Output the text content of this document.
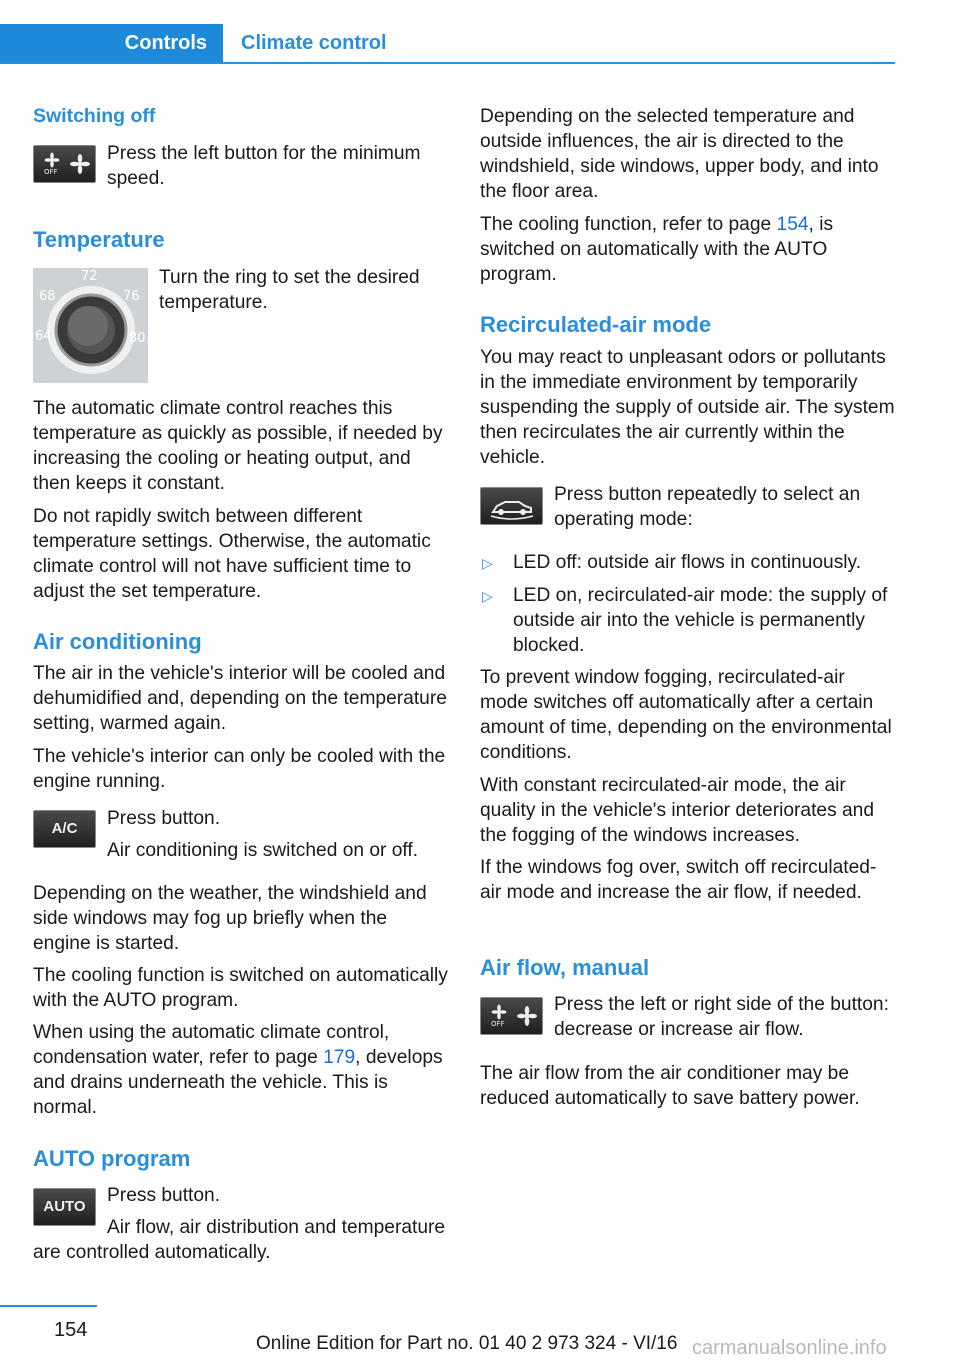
Controls	Climate control
Switching off
OFF

Press the left button for the minimum speed.

Temperature
72
68	76
64	80

Turn the ring to set the desired temperature.

The automatic climate control reaches this temperature as quickly as possible, if needed by increasing the cooling or heating output, and then keeps it constant.

Do not rapidly switch between different temperature settings. Otherwise, the automatic climate control will not have sufficient time to adjust the set temperature.

Air conditioning

The air in the vehicle's interior will be cooled and dehumidified and, depending on the temperature setting, warmed again.

The vehicle's interior can only be cooled with the engine running.

A/C	Press button.

Air conditioning is switched on or off.

Depending on the weather, the windshield and side windows may fog up briefly when the engine is started.

The cooling function is switched on automatically with the AUTO program.

When using the automatic climate control, condensation water, refer to page 179, develops and drains underneath the vehicle. This is normal.

AUTO program
AUTO

Press button.

Air flow, air distribution and temperature are controlled automatically.

Depending on the selected temperature and outside influences, the air is directed to the windshield, side windows, upper body, and into the floor area.

The cooling function, refer to page 154, is switched on automatically with the AUTO program.

Recirculated-air mode

You may react to unpleasant odors or pollutants in the immediate environment by temporarily suspending the supply of outside air. The system then recirculates the air currently within the vehicle.

Press button repeatedly to select an operating mode:

▷ LED off: outside air flows in continuously.

▷ LED on, recirculated-air mode: the supply of outside air into the vehicle is permanently blocked.

To prevent window fogging, recirculated-air mode switches off automatically after a certain amount of time, depending on the environmental conditions.

With constant recirculated-air mode, the air quality in the vehicle's interior deteriorates and the fogging of the windows increases.

If the windows fog over, switch off recirculated-air mode and increase the air flow, if needed.

Air flow, manual
OFF

Press the left or right side of the button: decrease or increase air flow.

The air flow from the air conditioner may be reduced automatically to save battery power.

154
Online Edition for Part no. 01 40 2 973 324 - VI/16 carmanualsonline.info
